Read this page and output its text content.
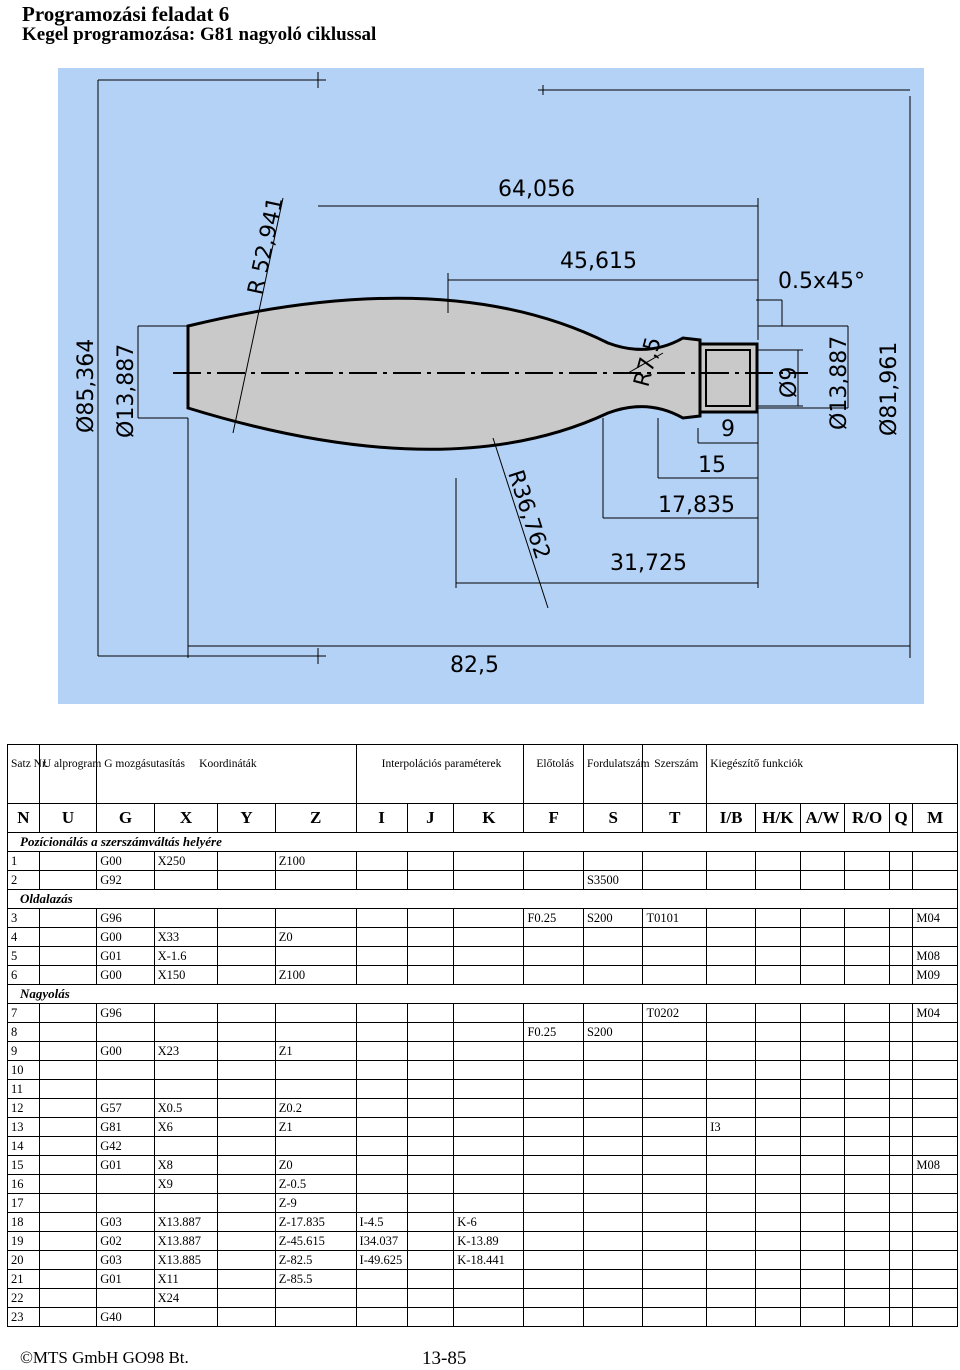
Programozási feladat 6
Kegel programozása: G81 nagyoló ciklussal
64,056
45,615
0.5x45°
R 52,941
Ø85,364 Ø13,887	R7,5	Ø9 Ø13,887 Ø81,961
9
15
17,835
R36,762
31,725
82,5
Satz Nr.	U alprogram G mozgásutasítás	Koordináták				Interpolációs paraméterek			Előtolás	Fordulatszám	Szerszám	Kiegészítő funkciók					
N	U	G	X	Y	Z	I	J	K	F	S	T	I/B	H/K	A/W	R/O	Q	M
Pozícionálás a szerszámváltás helyére																	
1		G00	X250		Z100												
2		G92								S3500							
Oldalazás																	
3		G96							F0.25	S200	T0101						M04
4		G00	X33		Z0												
5		G01	X-1.6														M08
6		G00	X150		Z100												M09
Nagyolás																	
7		G96									T0202						M04
8									F0.25	S200							
9		G00	X23		Z1												
10																	
11																	
12		G57	X0.5		Z0.2												
13		G81	X6		Z1							I3					
14		G42															
15		G01	X8		Z0												M08
16			X9		Z-0.5												
17					Z-9												
18		G03	X13.887		Z-17.835	I-4.5		K-6									
19		G02	X13.887		Z-45.615	I34.037		K-13.89									
20		G03	X13.885		Z-82.5	I-49.625		K-18.441									
21		G01	X11		Z-85.5												
22			X24														
23		G40															
©MTS GmbH GO98 Bt.	13-85
